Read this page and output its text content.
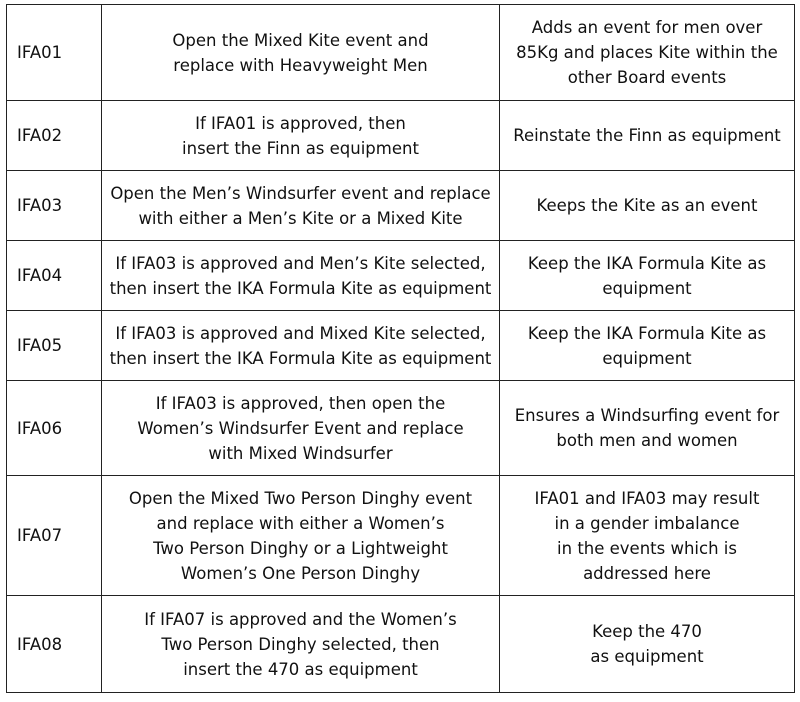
IFA01	Open the Mixed Kite event and
replace with Heavyweight Men	Adds an event for men over
85Kg and places Kite within the
other Board events
IFA02	If IFA01 is approved, then
insert the Finn as equipment	Reinstate the Finn as equipment
IFA03	Open the Men’s Windsurfer event and replace
with either a Men’s Kite or a Mixed Kite	Keeps the Kite as an event
IFA04	If IFA03 is approved and Men’s Kite selected,
then insert the IKA Formula Kite as equipment	Keep the IKA Formula Kite as
equipment
IFA05	If IFA03 is approved and Mixed Kite selected,
then insert the IKA Formula Kite as equipment	Keep the IKA Formula Kite as
equipment
IFA06	If IFA03 is approved, then open the
Women’s Windsurfer Event and replace
with Mixed Windsurfer	Ensures a Windsurfing event for
both men and women
IFA07	Open the Mixed Two Person Dinghy event
and replace with either a Women’s
Two Person Dinghy or a Lightweight
Women’s One Person Dinghy	IFA01 and IFA03 may result
in a gender imbalance
in the events which is
addressed here
IFA08	If IFA07 is approved and the Women’s
Two Person Dinghy selected, then
insert the 470 as equipment	Keep the 470
as equipment
